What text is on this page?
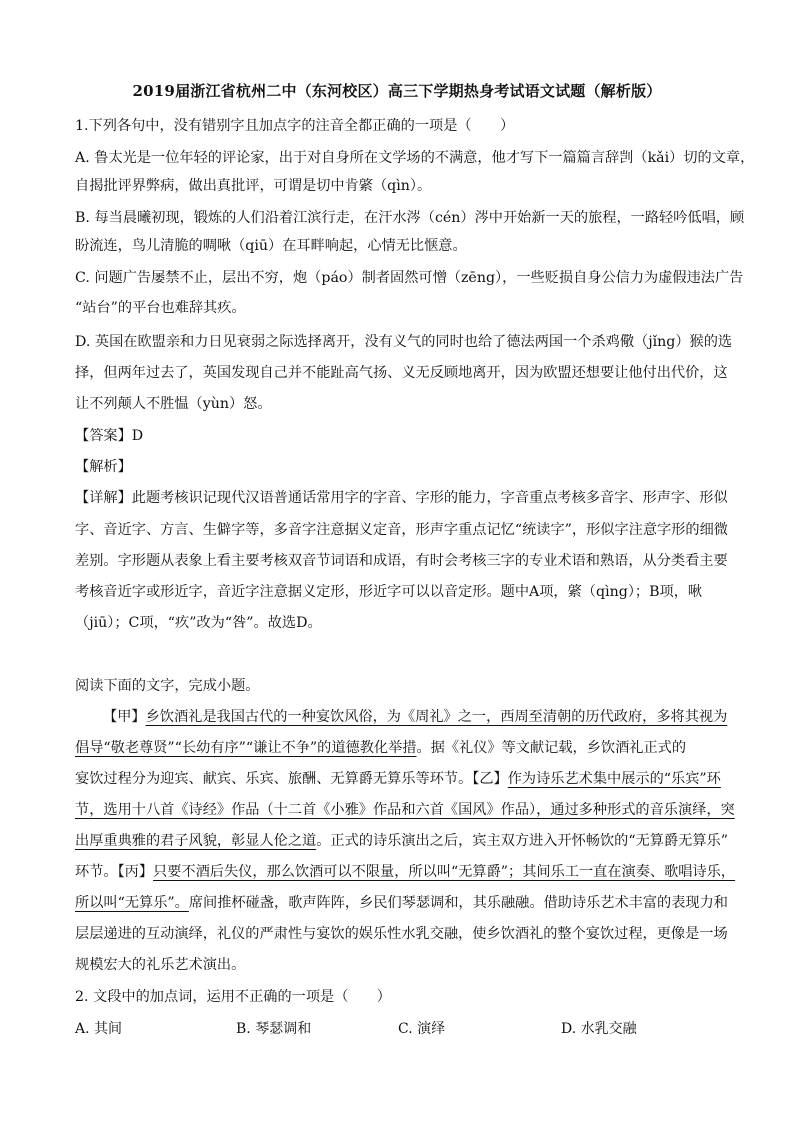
2019届浙江省杭州二中（东河校区）高三下学期热身考试语文试题（解析版）
1.下列各句中，没有错别字且加点字的注音全都正确的一项是（　　）
A. 鲁太光是一位年轻的评论家，出于对自身所在文学场的不满意，他才写下一篇篇言辞剀（kǎi）切的文章，
自揭批评界弊病，做出真批评，可谓是切中肯綮（qìn）。
B. 每当晨曦初现，锻炼的人们沿着江滨行走，在汗水涔（cén）涔中开始新一天的旅程，一路轻吟低唱，顾
盼流连，鸟儿清脆的啁啾（qiū）在耳畔响起，心情无比惬意。
C. 问题广告屡禁不止，层出不穷，炮（páo）制者固然可憎（zēng），一些贬损自身公信力为虚假违法广告
“站台”的平台也难辞其疚。
D. 英国在欧盟亲和力日见衰弱之际选择离开，没有义气的同时也给了德法两国一个杀鸡儆（jǐng）猴的选
择，但两年过去了，英国发现自己并不能趾高气扬、义无反顾地离开，因为欧盟还想要让他付出代价，这
让不列颠人不胜愠（yùn）怒。
【答案】D
【解析】
【详解】此题考核识记现代汉语普通话常用字的字音、字形的能力，字音重点考核多音字、形声字、形似
字、音近字、方言、生僻字等，多音字注意据义定音，形声字重点记忆“统读字”，形似字注意字形的细微
差别。字形题从表象上看主要考核双音节词语和成语，有时会考核三字的专业术语和熟语，从分类看主要
考核音近字或形近字，音近字注意据义定形，形近字可以以音定形。题中A项，綮（qìng）；B项，啾
（jiū）；C项，“疚”改为“咎”。故选D。
阅读下面的文字，完成小题。
【甲】乡饮酒礼是我国古代的一种宴饮风俗，为《周礼》之一，西周至清朝的历代政府，多将其视为
倡导“敬老尊贤”“长幼有序”“谦让不争”的道德教化举措。据《礼仪》等文献记载，乡饮酒礼正式的
宴饮过程分为迎宾、献宾、乐宾、旅酬、无算爵无算乐等环节。【乙】作为诗乐艺术集中展示的“乐宾”环
节，选用十八首《诗经》作品（十二首《小雅》作品和六首《国风》作品），通过多种形式的音乐演绎，突
出厚重典雅的君子风貌，彰显人伦之道。正式的诗乐演出之后，宾主双方进入开怀畅饮的“无算爵无算乐”
环节。【丙】只要不酒后失仪，那么饮酒可以不限量，所以叫“无算爵”；其间乐工一直在演奏、歌唱诗乐，
所以叫“无算乐”。席间推杯碰盏，歌声阵阵，乡民们琴瑟调和，其乐融融。借助诗乐艺术丰富的表现力和
层层递进的互动演绎，礼仪的严肃性与宴饮的娱乐性水乳交融，使乡饮酒礼的整个宴饮过程，更像是一场
规模宏大的礼乐艺术演出。
2. 文段中的加点词，运用不正确的一项是（　　）
A. 其间	B. 琴瑟调和	C. 演绎	D. 水乳交融
